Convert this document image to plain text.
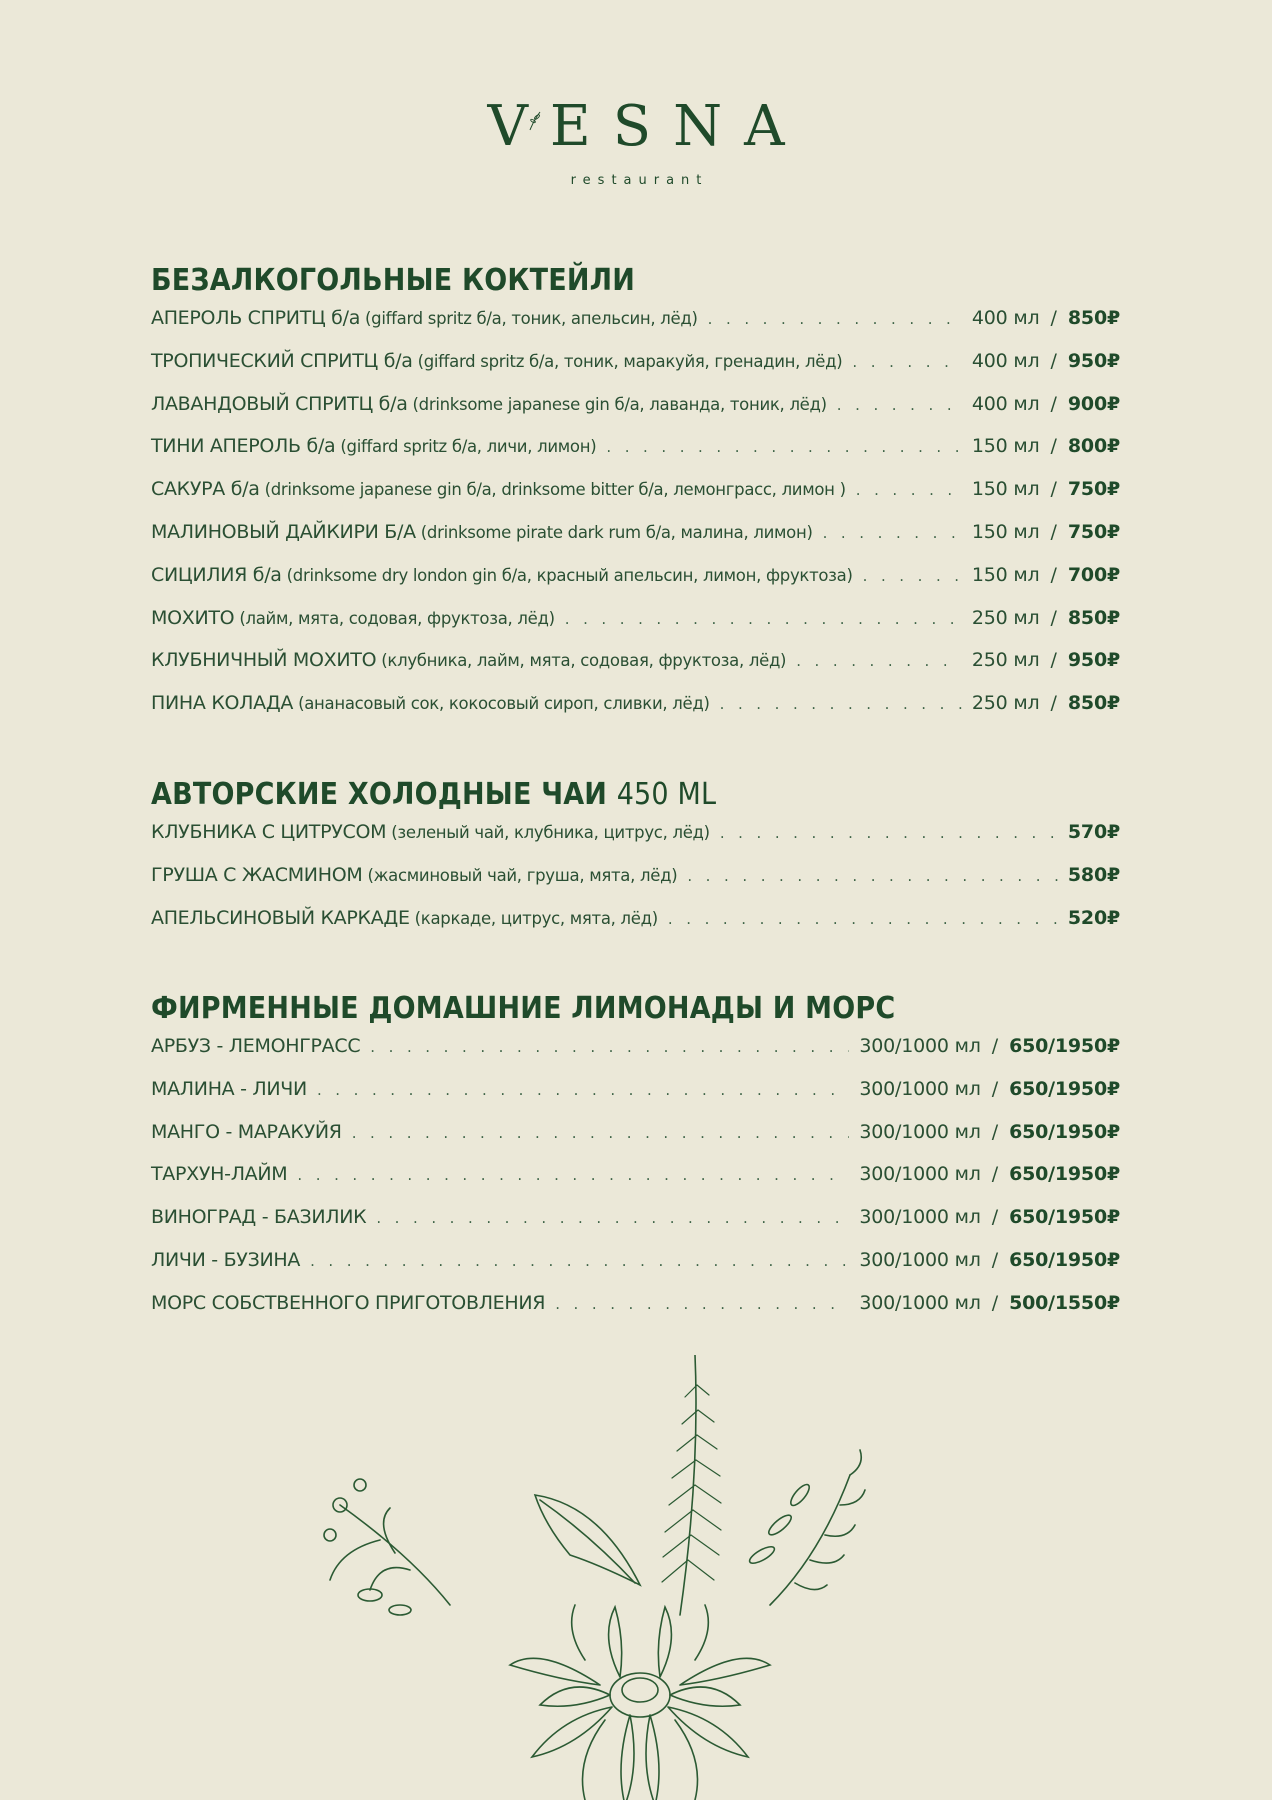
VESNA
restaurant
БЕЗАЛКОГОЛЬНЫЕ КОКТЕЙЛИ
АПЕРОЛЬ СПРИТЦ б/а (giffard spritz б/а, тоник, апельсин, лёд) . . .	400 мл / 850₽
ТРОПИЧЕСКИЙ СПРИТЦ б/а (giffard spritz б/а, тоник, маракуйя, гренадин, лёд) . . .	400 мл / 950₽
ЛАВАНДОВЫЙ СПРИТЦ б/а (drinksome japanese gin б/а, лаванда, тоник, лёд) . . .	400 мл / 900₽
ТИНИ АПЕРОЛЬ б/а (giffard spritz б/а, личи, лимон) . . .	150 мл / 800₽
САКУРА б/а (drinksome japanese gin б/а, drinksome bitter б/а, лемонграсс, лимон ) . . .	150 мл / 750₽
МАЛИНОВЫЙ ДАЙКИРИ Б/А (drinksome pirate dark rum б/а, малина, лимон) . . .	150 мл / 750₽
СИЦИЛИЯ б/а (drinksome dry london gin б/а, красный апельсин, лимон, фруктоза) . . .	150 мл / 700₽
МОХИТО (лайм, мята, содовая, фруктоза, лёд) . . .	250 мл / 850₽
КЛУБНИЧНЫЙ МОХИТО (клубника, лайм, мята, содовая, фруктоза, лёд) . . .	250 мл / 950₽
ПИНА КОЛАДА (ананасовый сок, кокосовый сироп, сливки, лёд) . . .	250 мл / 850₽
АВТОРСКИЕ ХОЛОДНЫЕ ЧАИ 450 ML
КЛУБНИКА С ЦИТРУСОМ (зеленый чай, клубника, цитрус, лёд) . . .	570₽
ГРУША С ЖАСМИНОМ (жасминовый чай, груша, мята, лёд) . . .	580₽
АПЕЛЬСИНОВЫЙ КАРКАДЕ (каркаде, цитрус, мята, лёд) . . .	520₽
ФИРМЕННЫЕ ДОМАШНИЕ ЛИМОНАДЫ И МОРС
АРБУЗ - ЛЕМОНГРАСС . . .	300/1000 мл / 650/1950₽
МАЛИНА - ЛИЧИ . . .	300/1000 мл / 650/1950₽
МАНГО - МАРАКУЙЯ . . .	300/1000 мл / 650/1950₽
ТАРХУН-ЛАЙМ . . .	300/1000 мл / 650/1950₽
ВИНОГРАД - БАЗИЛИК . . .	300/1000 мл / 650/1950₽
ЛИЧИ - БУЗИНА . . .	300/1000 мл / 650/1950₽
МОРС СОБСТВЕННОГО ПРИГОТОВЛЕНИЯ . . .	300/1000 мл / 500/1550₽
